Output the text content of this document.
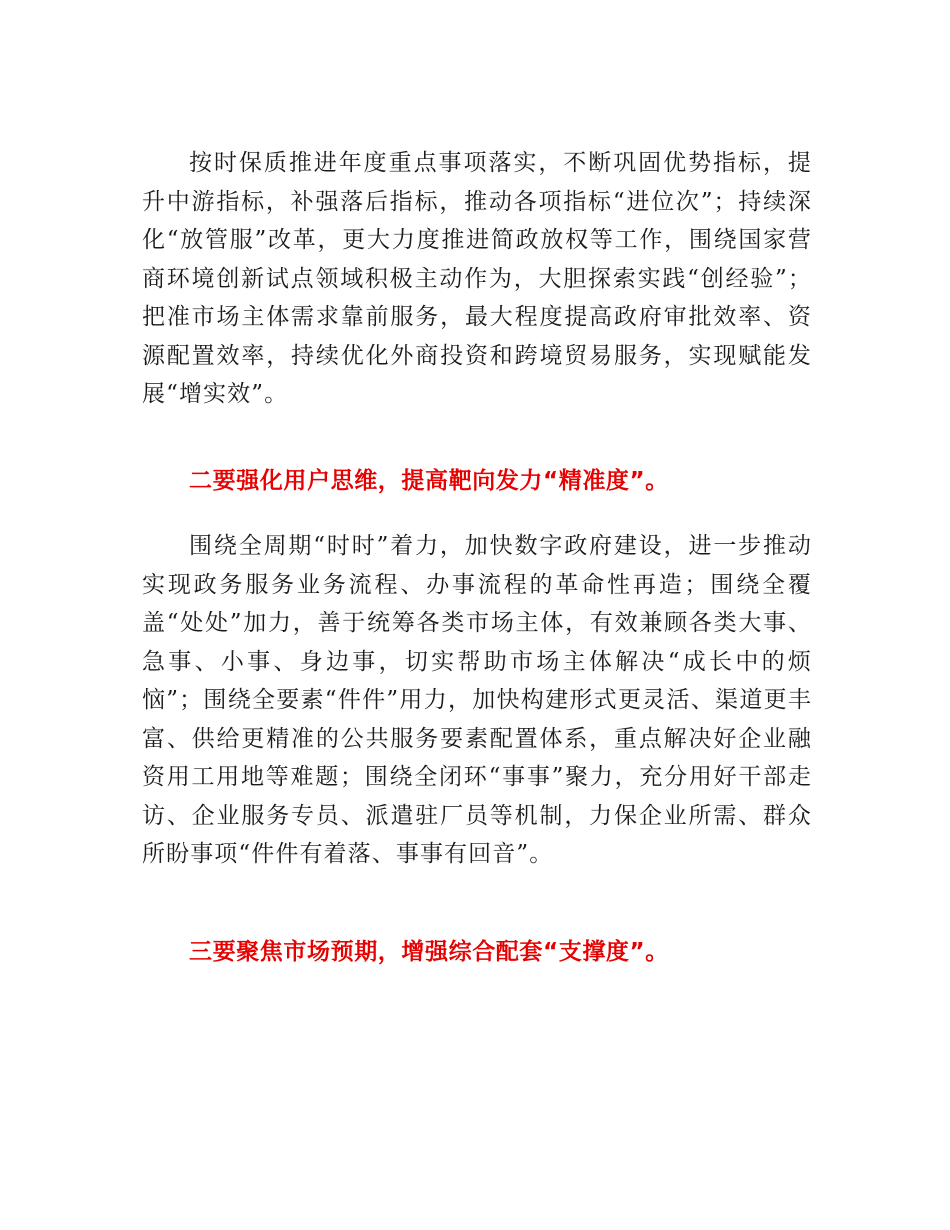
按时保质推进年度重点事项落实，不断巩固优势指标，提升中游指标，补强落后指标，推动各项指标“进位次”；持续深化“放管服”改革，更大力度推进简政放权等工作，围绕国家营商环境创新试点领域积极主动作为，大胆探索实践“创经验”；把准市场主体需求靠前服务，最大程度提高政府审批效率、资源配置效率，持续优化外商投资和跨境贸易服务，实现赋能发展“增实效”。

二要强化用户思维，提高靶向发力“精准度”。

围绕全周期“时时”着力，加快数字政府建设，进一步推动实现政务服务业务流程、办事流程的革命性再造；围绕全覆盖“处处”加力，善于统筹各类市场主体，有效兼顾各类大事、急事、小事、身边事，切实帮助市场主体解决“成长中的烦恼”；围绕全要素“件件”用力，加快构建形式更灵活、渠道更丰富、供给更精准的公共服务要素配置体系，重点解决好企业融资用工用地等难题；围绕全闭环“事事”聚力，充分用好干部走访、企业服务专员、派遣驻厂员等机制，力保企业所需、群众所盼事项“件件有着落、事事有回音”。

三要聚焦市场预期，增强综合配套“支撑度”。
